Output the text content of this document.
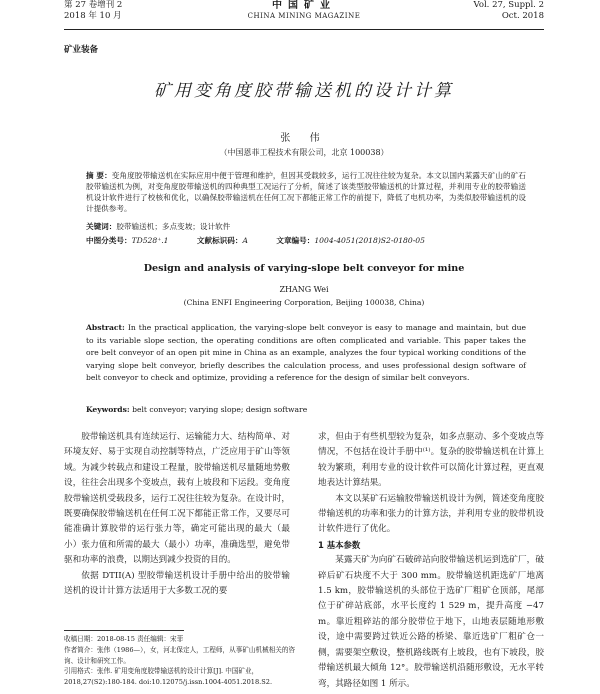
第 27 卷增刊 2
2018 年 10 月
中国矿业
CHINA MINING MAGAZINE
Vol. 27, Suppl. 2
Oct. 2018
矿业装备
矿用变角度胶带输送机的设计计算
张 伟
（中国恩菲工程技术有限公司，北京 100038）
摘 要：变角度胶带输送机在实际应用中便于管理和维护，但因其受载较多，运行工况往往较为复杂。本文以国内某露天矿山的矿石胶带输送机为例，对变角度胶带输送机的四种典型工况运行了分析，简述了该类型胶带输送机的计算过程，并利用专业的胶带输送机设计软件进行了校核和优化，以确保胶带输送机在任何工况下都能正常工作的前提下，降低了电机功率，为类似胶带输送机的设计提供参考。
关键词：胶带输送机；多点变坡；设计软件
中图分类号：TD528⁺.1	文献标识码：A	文章编号：1004-4051(2018)S2-0180-05
Design and analysis of varying-slope belt conveyor for mine
ZHANG Wei
(China ENFI Engineering Corporation, Beijing 100038, China)
Abstract: In the practical application, the varying-slope belt conveyor is easy to manage and maintain, but due to its variable slope section, the operating conditions are often complicated and variable. This paper takes the ore belt conveyor of an open pit mine in China as an example, analyzes the four typical working conditions of the varying slope belt conveyor, briefly describes the calculation process, and uses professional design software of belt conveyor to check and optimize, providing a reference for the design of similar belt conveyors.
Keywords: belt conveyor; varying slope; design software

胶带输送机具有连续运行、运输能力大、结构简单、对环境友好、易于实现自动控制等特点，广泛应用于矿山等领域。为减少转载点和建设工程量，胶带输送机尽量随地势敷设，往往会出现多个变坡点，载有上坡段和下运段。变角度胶带输送机受载段多，运行工况往往较为复杂。在设计时，既要确保胶带输送机在任何工况下都能正常工作，又要尽可能准确计算胶带的运行张力等，确定可能出现的最大（最小）张力值和所需的最大（最小）功率，准确选型，避免带驱和功率的浪费，以期达到减少投资的目的。

依据 DTII(A) 型胶带输送机设计手册中给出的胶带输送机的设计计算方法适用于大多数工况的要

求，但由于有些机型较为复杂，如多点驱动、多个变坡点等情况，不包括在设计手册中⁽¹⁾。复杂的胶带输送机在计算上较为繁琐，利用专业的设计软件可以简化计算过程，更直观地表达计算结果。

本文以某矿石运输胶带输送机设计为例，简述变角度胶带输送机的功率和张力的计算方法，并利用专业的胶带机设计软件进行了优化。

1 基本参数

某露天矿为向矿石破碎站向胶带输送机运到选矿厂，破碎后矿石块度不大于 300 mm。胶带输送机距选矿厂地离 1.5 km，胶带输送机的头部位于选矿厂粗矿仓顶部，尾部位于矿碎站底部，水平长度约 1 529 m，提升高度 −47 m。靠近粗碎站的部分胶带位于地下，山地表层随地形敷设，途中需要跨过铁近公路的桥梁、靠近选矿厂粗矿仓一侧，需要架空敷设，整机路线既有上坡段，也有下坡段，胶带输送机最大倾角 12°。胶带输送机沿随形敷设，无水平转弯，其路径如图 1 所示。

收稿日期：2018-08-15 责任编辑：宋菲
作者简介：张伟（1986—），女，河北保定人，工程师，从事矿山机械相关的咨询、设计和研究工作。
引用格式：张伟. 矿用变角度胶带输送机的设计计算[J]. 中国矿业，2018,27(S2):180-184. doi:10.12075/j.issn.1004-4051.2018.S2.
